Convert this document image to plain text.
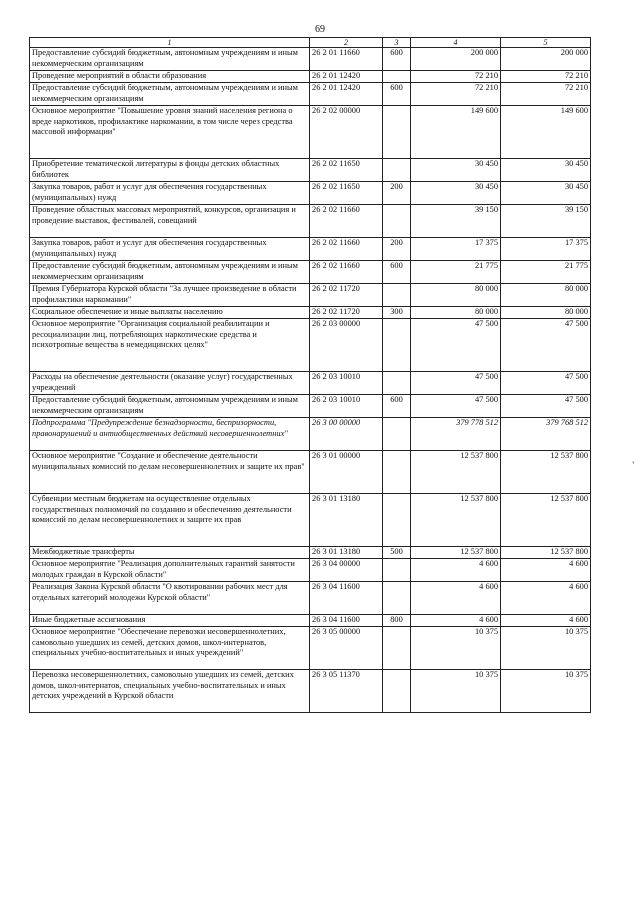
69
1	2	3	4	5
Предоставление субсидий бюджетным, автономным учреждениям и иным некоммерческим организациям	26 2 01 11660	600	200 000	200 000
Проведение мероприятий в области образования	26 2 01 12420		72 210	72 210
Предоставление субсидий бюджетным, автономным учреждениям и иным некоммерческим организациям	26 2 01 12420	600	72 210	72 210
Основное мероприятие "Повышение уровня знаний населения региона о вреде наркотиков, профилактике наркомании, в том числе через средства массовой информации"	26 2 02 00000		149 600	149 600
Приобретение тематической литературы в фонды детских областных библиотек	26 2 02 11650		30 450	30 450
Закупка товаров, работ и услуг для обеспечения государственных (муниципальных) нужд	26 2 02 11650	200	30 450	30 450
Проведение областных массовых мероприятий, конкурсов, организация и проведение выставок, фестивалей, совещаний	26 2 02 11660		39 150	39 150
Закупка товаров, работ и услуг для обеспечения государственных (муниципальных) нужд	26 2 02 11660	200	17 375	17 375
Предоставление субсидий бюджетным, автономным учреждениям и иным некоммерческим организациям	26 2 02 11660	600	21 775	21 775
Премия Губернатора Курской области "За лучшее произведение в области профилактики наркомании"	26 2 02 11720		80 000	80 000
Социальное обеспечение и иные выплаты населению	26 2 02 11720	300	80 000	80 000
Основное мероприятие "Организация социальной реабилитации и ресоциализации лиц, потребляющих наркотические средства и психотропные вещества в немедицинских целях"	26 2 03 00000		47 500	47 500
Расходы на обеспечение деятельности (оказание услуг) государственных учреждений	26 2 03 10010		47 500	47 500
Предоставление субсидий бюджетным, автономным учреждениям и иным некоммерческим организациям	26 2 03 10010	600	47 500	47 500
Подпрограмма "Предупреждение безнадзорности, беспризорности, правонарушений и антиобщественных действий несовершеннолетних"	26 3 00 00000		379 778 512	379 768 512
Основное мероприятие "Создание и обеспечение деятельности муниципальных комиссий по делам несовершеннолетних и защите их прав"	26 3 01 00000		12 537 800	12 537 800
Субвенции местным бюджетам на осуществление отдельных государственных полномочий по созданию и обеспечению деятельности комиссий по делам несовершеннолетних и защите их прав	26 3 01 13180		12 537 800	12 537 800
Межбюджетные трансферты	26 3 01 13180	500	12 537 800	12 537 800
Основное мероприятие "Реализация дополнительных гарантий занятости молодых граждан в Курской области"	26 3 04 00000		4 600	4 600
Реализация Закона Курской области "О квотировании рабочих мест для отдельных категорий молодежи Курской области"	26 3 04 11600		4 600	4 600
Иные бюджетные ассигнования	26 3 04 11600	800	4 600	4 600
Основное мероприятие "Обеспечение перевозки несовершеннолетних, самовольно ушедших из семей, детских домов, школ-интернатов, специальных учебно-воспитательных и иных учреждений"	26 3 05 00000		10 375	10 375
Перевозка несовершеннолетних, самовольно ушедших из семей, детских домов, школ-интернатов, специальных учебно-воспитательных и иных детских учреждений в Курской области	26 3 05 11370		10 375	10 375
'
